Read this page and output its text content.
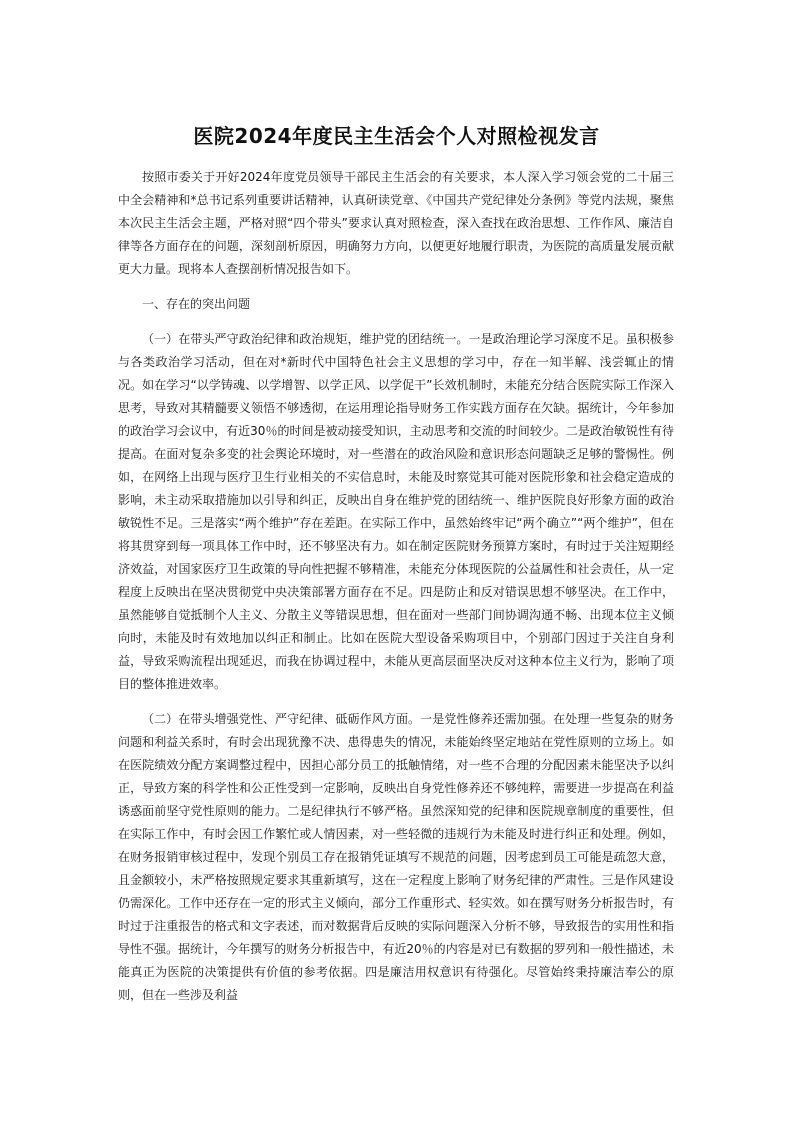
医院2024年度民主生活会个人对照检视发言

按照市委关于开好2024年度党员领导干部民主生活会的有关要求，本人深入学习领会党的二十届三中全会精神和*总书记系列重要讲话精神，认真研读党章、《中国共产党纪律处分条例》等党内法规，聚焦本次民主生活会主题，严格对照“四个带头”要求认真对照检查，深入查找在政治思想、工作作风、廉洁自律等各方面存在的问题，深刻剖析原因，明确努力方向，以便更好地履行职责，为医院的高质量发展贡献更大力量。现将本人查摆剖析情况报告如下。

一、存在的突出问题

（一）在带头严守政治纪律和政治规矩，维护党的团结统一。一是政治理论学习深度不足。虽积极参与各类政治学习活动，但在对*新时代中国特色社会主义思想的学习中，存在一知半解、浅尝辄止的情况。如在学习“以学铸魂、以学增智、以学正风、以学促干”长效机制时，未能充分结合医院实际工作深入思考，导致对其精髓要义领悟不够透彻，在运用理论指导财务工作实践方面存在欠缺。据统计，今年参加的政治学习会议中，有近30％的时间是被动接受知识，主动思考和交流的时间较少。二是政治敏锐性有待提高。在面对复杂多变的社会舆论环境时，对一些潜在的政治风险和意识形态问题缺乏足够的警惕性。例如，在网络上出现与医疗卫生行业相关的不实信息时，未能及时察觉其可能对医院形象和社会稳定造成的影响，未主动采取措施加以引导和纠正，反映出自身在维护党的团结统一、维护医院良好形象方面的政治敏锐性不足。三是落实“两个维护”存在差距。在实际工作中，虽然始终牢记“两个确立”“两个维护”，但在将其贯穿到每一项具体工作中时，还不够坚决有力。如在制定医院财务预算方案时，有时过于关注短期经济效益，对国家医疗卫生政策的导向性把握不够精准，未能充分体现医院的公益属性和社会责任，从一定程度上反映出在坚决贯彻党中央决策部署方面存在不足。四是防止和反对错误思想不够坚决。在工作中，虽然能够自觉抵制个人主义、分散主义等错误思想，但在面对一些部门间协调沟通不畅、出现本位主义倾向时，未能及时有效地加以纠正和制止。比如在医院大型设备采购项目中，个别部门因过于关注自身利益，导致采购流程出现延迟，而我在协调过程中，未能从更高层面坚决反对这种本位主义行为，影响了项目的整体推进效率。

（二）在带头增强党性、严守纪律、砥砺作风方面。一是党性修养还需加强。在处理一些复杂的财务问题和利益关系时，有时会出现犹豫不决、患得患失的情况，未能始终坚定地站在党性原则的立场上。如在医院绩效分配方案调整过程中，因担心部分员工的抵触情绪，对一些不合理的分配因素未能坚决予以纠正，导致方案的科学性和公正性受到一定影响，反映出自身党性修养还不够纯粹，需要进一步提高在利益诱惑面前坚守党性原则的能力。二是纪律执行不够严格。虽然深知党的纪律和医院规章制度的重要性，但在实际工作中，有时会因工作繁忙或人情因素，对一些轻微的违规行为未能及时进行纠正和处理。例如，在财务报销审核过程中，发现个别员工存在报销凭证填写不规范的问题，因考虑到员工可能是疏忽大意，且金额较小，未严格按照规定要求其重新填写，这在一定程度上影响了财务纪律的严肃性。三是作风建设仍需深化。工作中还存在一定的形式主义倾向，部分工作重形式、轻实效。如在撰写财务分析报告时，有时过于注重报告的格式和文字表述，而对数据背后反映的实际问题深入分析不够，导致报告的实用性和指导性不强。据统计，今年撰写的财务分析报告中，有近20％的内容是对已有数据的罗列和一般性描述，未能真正为医院的决策提供有价值的参考依据。四是廉洁用权意识有待强化。尽管始终秉持廉洁奉公的原则，但在一些涉及利益
